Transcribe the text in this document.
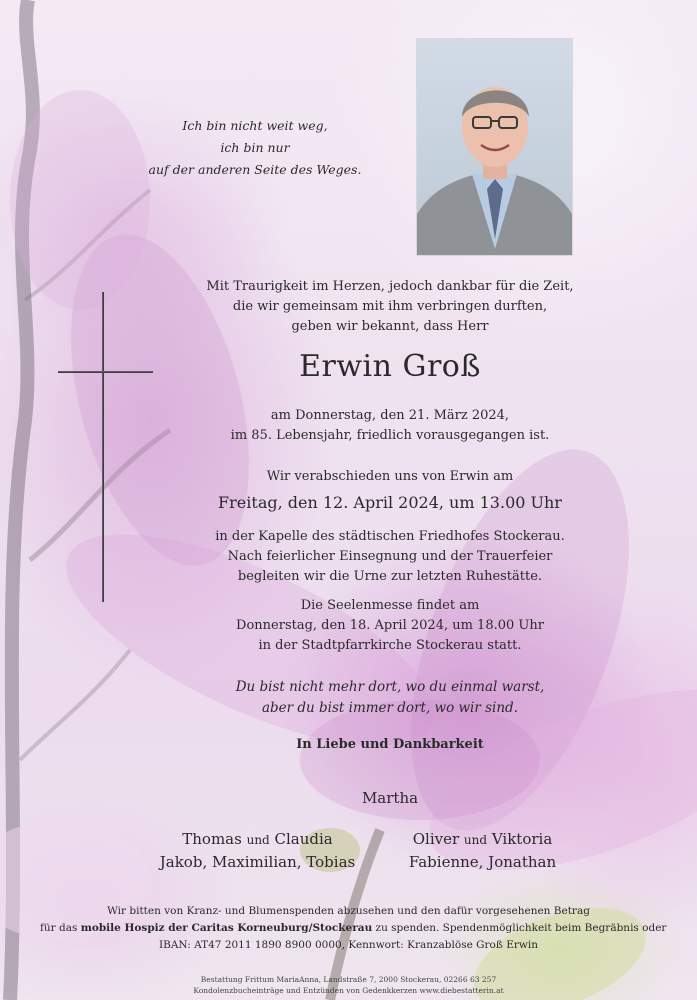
Ich bin nicht weit weg,
ich bin nur
auf der anderen Seite des Weges.
Mit Traurigkeit im Herzen, jedoch dankbar für die Zeit,
die wir gemeinsam mit ihm verbringen durften,
geben wir bekannt, dass Herr
Erwin Groß
am Donnerstag, den 21. März 2024,
im 85. Lebensjahr, friedlich vorausgegangen ist.
Wir verabschieden uns von Erwin am
Freitag, den 12. April 2024, um 13.00 Uhr
in der Kapelle des städtischen Friedhofes Stockerau.
Nach feierlicher Einsegnung und der Trauerfeier
begleiten wir die Urne zur letzten Ruhestätte.
Die Seelenmesse findet am
Donnerstag, den 18. April 2024, um 18.00 Uhr
in der Stadtpfarrkirche Stockerau statt.
Du bist nicht mehr dort, wo du einmal warst,
aber du bist immer dort, wo wir sind.
In Liebe und Dankbarkeit
Martha
Thomas und Claudia
Jakob, Maximilian, Tobias
Oliver und Viktoria
Fabienne, Jonathan
Wir bitten von Kranz- und Blumenspenden abzusehen und den dafür vorgesehenen Betrag
für das mobile Hospiz der Caritas Korneuburg/Stockerau zu spenden. Spendenmöglichkeit beim Begräbnis oder
IBAN: AT47 2011 1890 8900 0000, Kennwort: Kranzablöse Groß Erwin
Bestattung Frittum MariaAnna, Landstraße 7, 2000 Stockerau, 02266 63 257
Kondolenzbucheinträge und Entzünden von Gedenkkerzen www.diebestatterin.at
